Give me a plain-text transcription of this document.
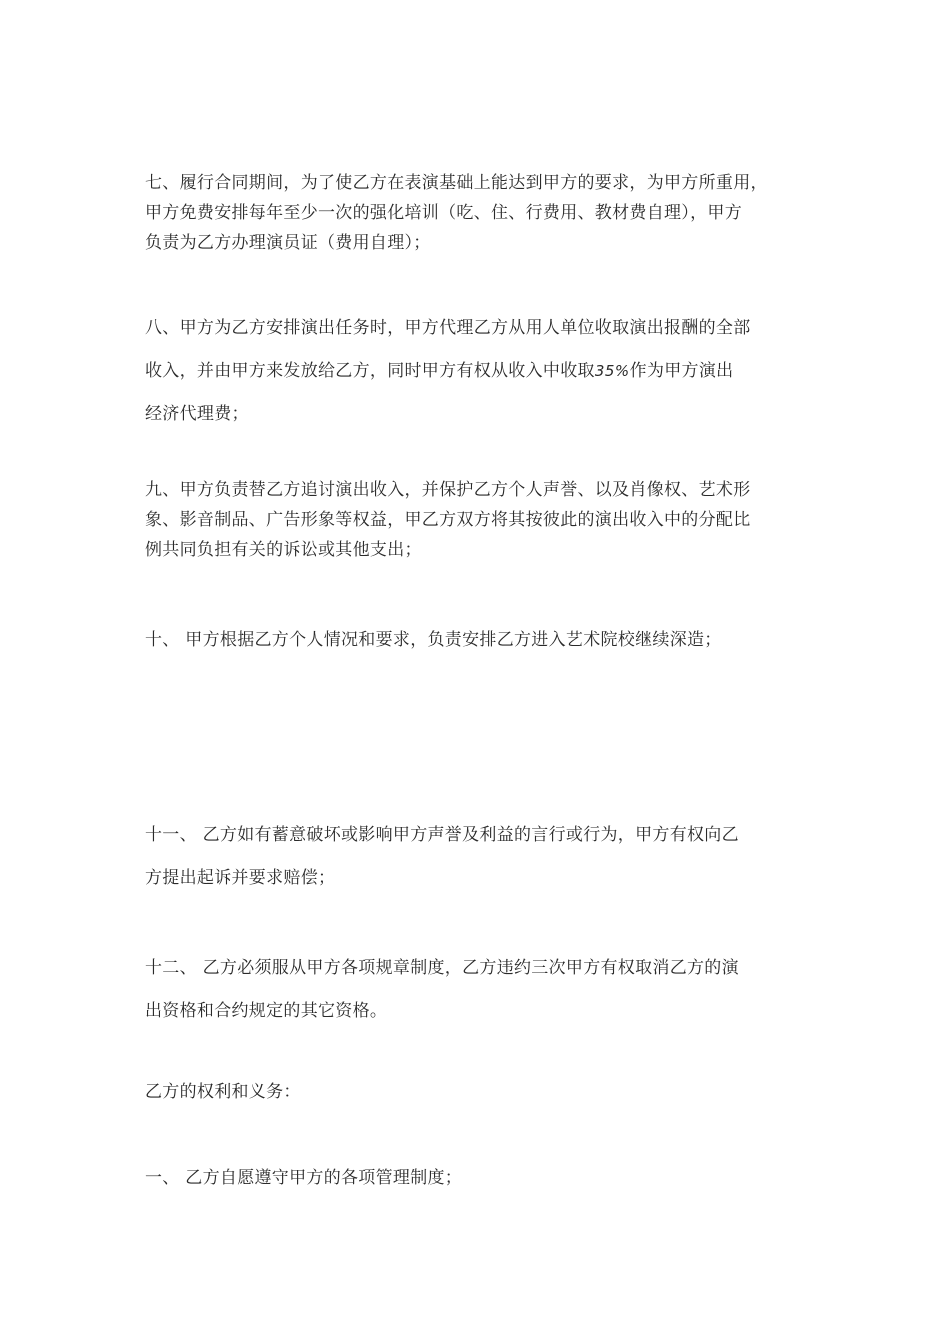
七、履行合同期间，为了使乙方在表演基础上能达到甲方的要求，为甲方所重用，
甲方免费安排每年至少一次的强化培训（吃、住、行费用、教材费自理），甲方
负责为乙方办理演员证（费用自理）；
八、甲方为乙方安排演出任务时，甲方代理乙方从用人单位收取演出报酬的全部
收入，并由甲方来发放给乙方，同时甲方有权从收入中收取35%作为甲方演出
经济代理费；
九、甲方负责替乙方追讨演出收入，并保护乙方个人声誉、以及肖像权、艺术形
象、影音制品、广告形象等权益，甲乙方双方将其按彼此的演出收入中的分配比
例共同负担有关的诉讼或其他支出；
十、 甲方根据乙方个人情况和要求，负责安排乙方进入艺术院校继续深造；
十一、 乙方如有蓄意破坏或影响甲方声誉及利益的言行或行为，甲方有权向乙
方提出起诉并要求赔偿；
十二、 乙方必须服从甲方各项规章制度，乙方违约三次甲方有权取消乙方的演
出资格和合约规定的其它资格。
乙方的权利和义务：
一、 乙方自愿遵守甲方的各项管理制度；
